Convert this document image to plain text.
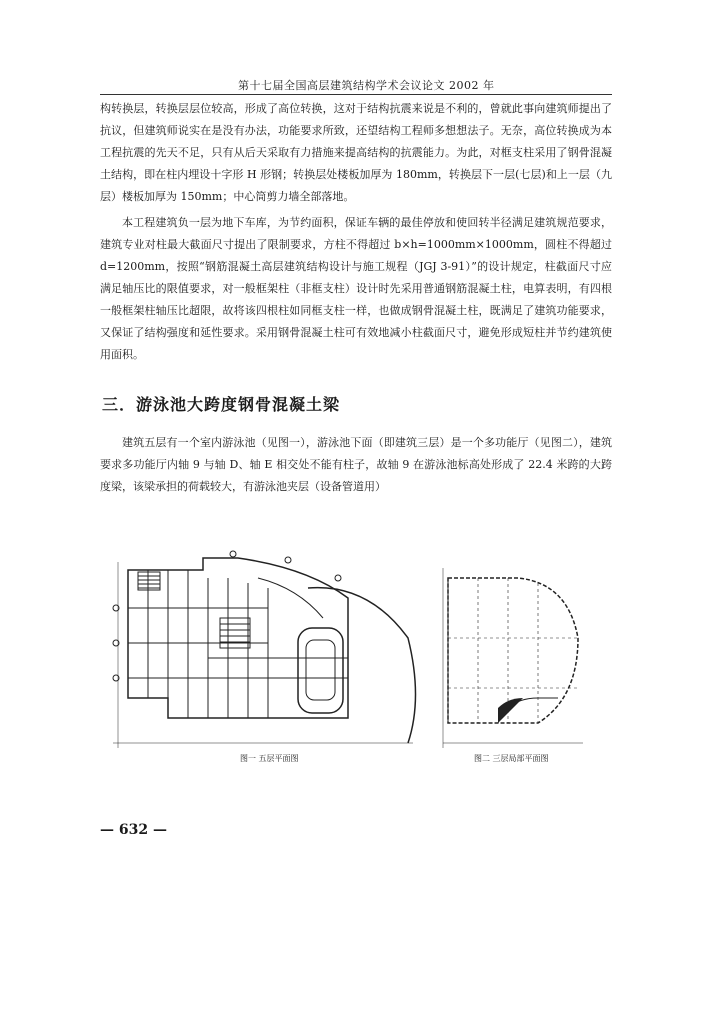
第十七届全国高层建筑结构学术会议论文 2002 年

构转换层，转换层层位较高，形成了高位转换，这对于结构抗震来说是不利的，曾就此事向建筑师提出了抗议，但建筑师说实在是没有办法，功能要求所致，还望结构工程师多想想法子。无奈，高位转换成为本工程抗震的先天不足，只有从后天采取有力措施来提高结构的抗震能力。为此，对框支柱采用了钢骨混凝土结构，即在柱内埋设十字形 H 形钢；转换层处楼板加厚为 180mm，转换层下一层(七层)和上一层（九层）楼板加厚为 150mm；中心筒剪力墙全部落地。

本工程建筑负一层为地下车库，为节约面积，保证车辆的最佳停放和使回转半径满足建筑规范要求，建筑专业对柱最大截面尺寸提出了限制要求，方柱不得超过 b×h=1000mm×1000mm，圆柱不得超过 d=1200mm，按照“钢筋混凝土高层建筑结构设计与施工规程（JGJ 3-91）”的设计规定，柱截面尺寸应满足轴压比的限值要求，对一般框架柱（非框支柱）设计时先采用普通钢筋混凝土柱，电算表明，有四根一般框架柱轴压比超限，故将该四根柱如同框支柱一样，也做成钢骨混凝土柱，既满足了建筑功能要求，又保证了结构强度和延性要求。采用钢骨混凝土柱可有效地减小柱截面尺寸，避免形成短柱并节约建筑使用面积。

三．游泳池大跨度钢骨混凝土梁

建筑五层有一个室内游泳池（见图一），游泳池下面（即建筑三层）是一个多功能厅（见图二），建筑要求多功能厅内轴 9 与轴 D、轴 E 相交处不能有柱子，故轴 9 在游泳池标高处形成了 22.4 米跨的大跨度梁，该梁承担的荷载较大，有游泳池夹层（设备管道用）

图一 五层平面图	图二 三层局部平面图
— 632 —
